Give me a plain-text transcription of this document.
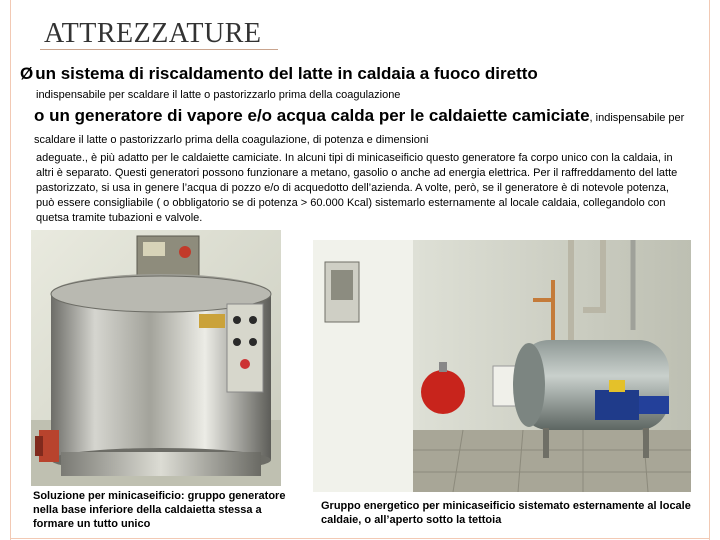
ATTREZZATURE
Ø un sistema di riscaldamento del latte in caldaia a fuoco diretto
indispensabile per scaldare il latte o pastorizzarlo prima della coagulazione
o un generatore di vapore e/o acqua calda per le caldaiette camiciate, indispensabile per scaldare il latte o pastorizzarlo prima della coagulazione, di potenza e dimensioni
adeguate., è più adatto per le caldaiette camiciate. In alcuni tipi di minicaseificio questo generatore fa corpo unico con la caldaia, in altri è separato. Questi generatori possono funzionare a metano, gasolio o anche ad energia elettrica. Per il raffreddamento del latte pastorizzato, si usa in genere l’acqua di pozzo e/o di acquedotto dell’azienda. A volte, però, se il generatore è di notevole potenza, può essere consigliabile ( o obbligatorio se di potenza > 60.000 Kcal) sistemarlo esternamente al locale caldaia, collegandolo con quetsa tramite tubazioni e valvole.
Soluzione per minicaseificio: gruppo generatore nella base inferiore della caldaietta stessa a formare un tutto unico
Gruppo energetico per minicaseificio sistemato esternamente al locale caldaie, o all’aperto sotto la tettoia
